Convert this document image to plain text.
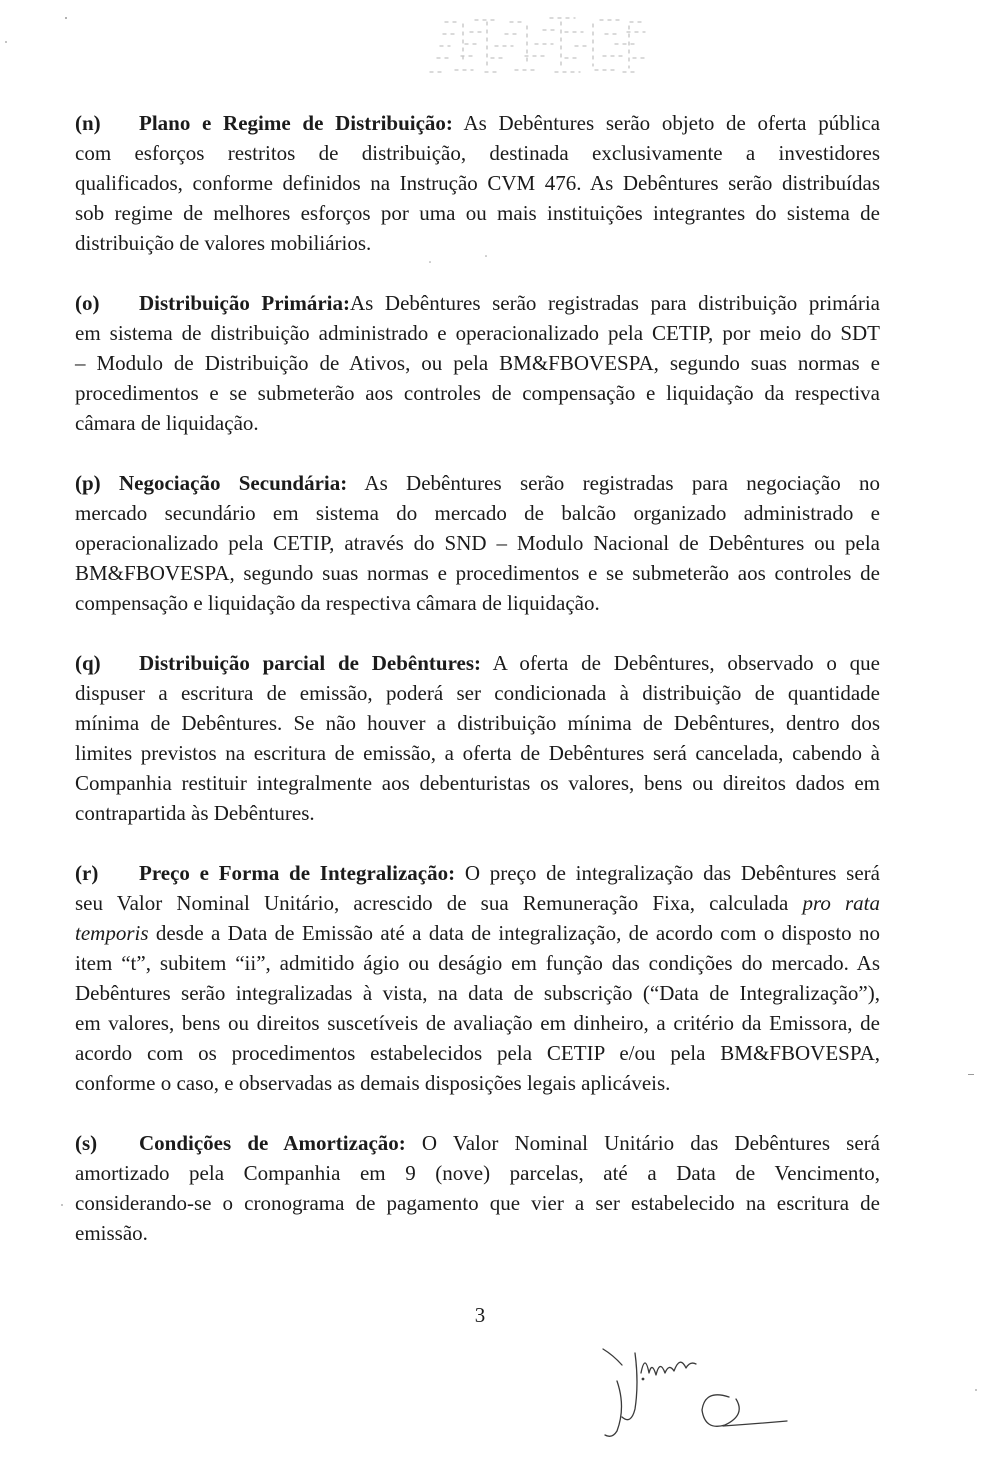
(n) Plano e Regime de Distribuição: As Debêntures serão objeto de oferta pública
com esforços restritos de distribuição, destinada exclusivamente a investidores
qualificados, conforme definidos na Instrução CVM 476. As Debêntures serão distribuídas
sob regime de melhores esforços por uma ou mais instituições integrantes do sistema de
distribuição de valores mobiliários.
(o) Distribuição Primária:As Debêntures serão registradas para distribuição primária
em sistema de distribuição administrado e operacionalizado pela CETIP, por meio do SDT
– Modulo de Distribuição de Ativos, ou pela BM&FBOVESPA, segundo suas normas e
procedimentos e se submeterão aos controles de compensação e liquidação da respectiva
câmara de liquidação.
(p) Negociação Secundária: As Debêntures serão registradas para negociação no
mercado secundário em sistema do mercado de balcão organizado administrado e
operacionalizado pela CETIP, através do SND – Modulo Nacional de Debêntures ou pela
BM&FBOVESPA, segundo suas normas e procedimentos e se submeterão aos controles de
compensação e liquidação da respectiva câmara de liquidação.
(q) Distribuição parcial de Debêntures: A oferta de Debêntures, observado o que
dispuser a escritura de emissão, poderá ser condicionada à distribuição de quantidade
mínima de Debêntures. Se não houver a distribuição mínima de Debêntures, dentro dos
limites previstos na escritura de emissão, a oferta de Debêntures será cancelada, cabendo à
Companhia restituir integralmente aos debenturistas os valores, bens ou direitos dados em
contrapartida às Debêntures.
(r) Preço e Forma de Integralização: O preço de integralização das Debêntures será
seu Valor Nominal Unitário, acrescido de sua Remuneração Fixa, calculada pro rata
temporis desde a Data de Emissão até a data de integralização, de acordo com o disposto no
item “t”, subitem “ii”, admitido ágio ou deságio em função das condições do mercado. As
Debêntures serão integralizadas à vista, na data de subscrição (“Data de Integralização”),
em valores, bens ou direitos suscetíveis de avaliação em dinheiro, a critério da Emissora, de
acordo com os procedimentos estabelecidos pela CETIP e/ou pela BM&FBOVESPA,
conforme o caso, e observadas as demais disposições legais aplicáveis.
(s) Condições de Amortização: O Valor Nominal Unitário das Debêntures será
amortizado pela Companhia em 9 (nove) parcelas, até a Data de Vencimento,
considerando-se o cronograma de pagamento que vier a ser estabelecido na escritura de
emissão.
3
